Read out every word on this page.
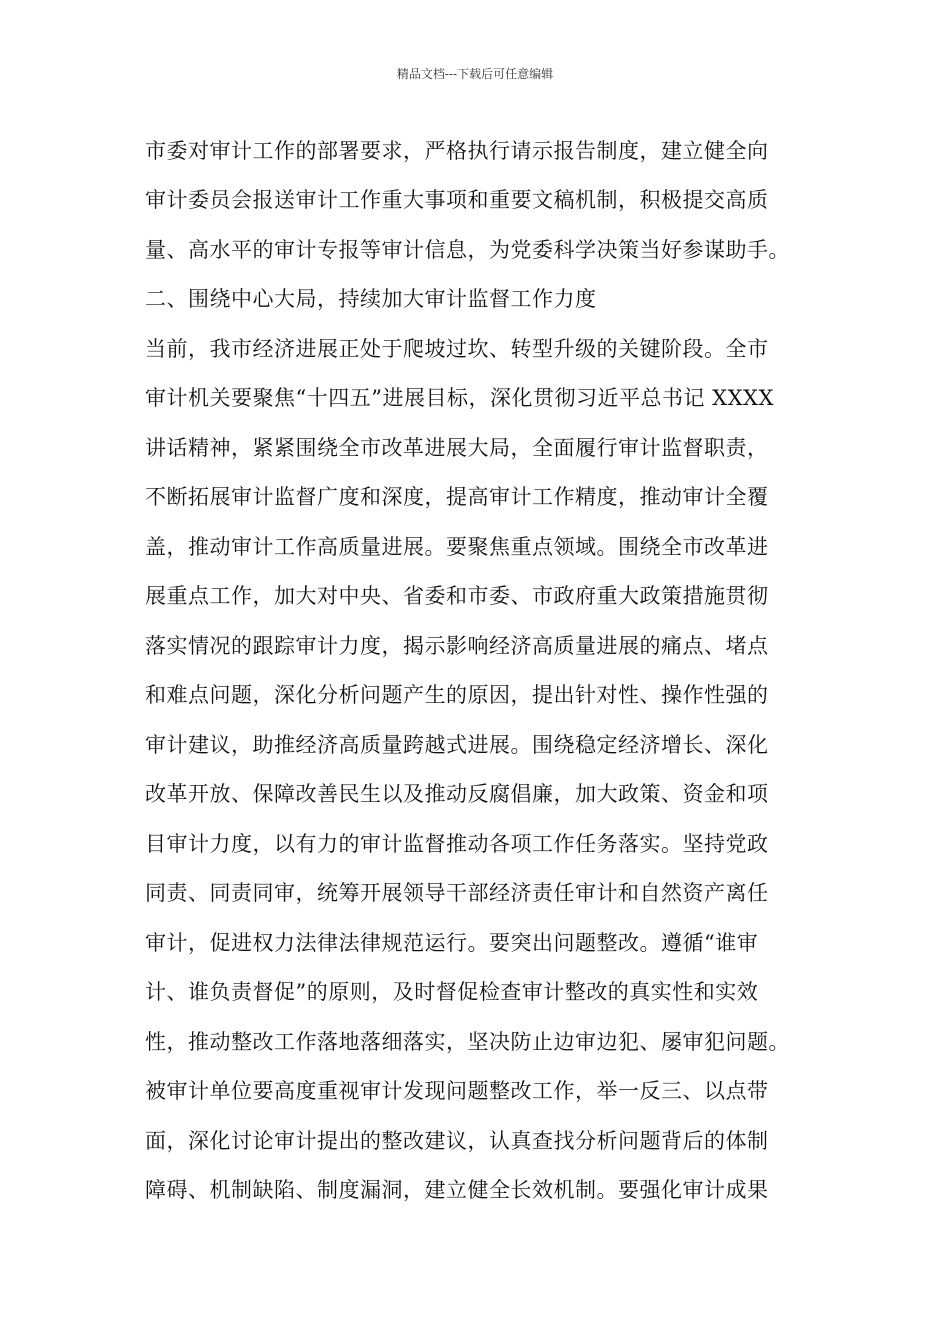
精品文档---下载后可任意编辑
市委对审计工作的部署要求，严格执行请示报告制度，建立健全向
审计委员会报送审计工作重大事项和重要文稿机制，积极提交高质
量、高水平的审计专报等审计信息，为党委科学决策当好参谋助手。
二、围绕中心大局，持续加大审计监督工作力度
当前，我市经济进展正处于爬坡过坎、转型升级的关键阶段。全市
审计机关要聚焦“十四五”进展目标，深化贯彻习近平总书记 XXXX
讲话精神，紧紧围绕全市改革进展大局，全面履行审计监督职责，
不断拓展审计监督广度和深度，提高审计工作精度，推动审计全覆
盖，推动审计工作高质量进展。要聚焦重点领域。围绕全市改革进
展重点工作，加大对中央、省委和市委、市政府重大政策措施贯彻
落实情况的跟踪审计力度，揭示影响经济高质量进展的痛点、堵点
和难点问题，深化分析问题产生的原因，提出针对性、操作性强的
审计建议，助推经济高质量跨越式进展。围绕稳定经济增长、深化
改革开放、保障改善民生以及推动反腐倡廉，加大政策、资金和项
目审计力度，以有力的审计监督推动各项工作任务落实。坚持党政
同责、同责同审，统筹开展领导干部经济责任审计和自然资产离任
审计，促进权力法律法律规范运行。要突出问题整改。遵循“谁审
计、谁负责督促”的原则，及时督促检查审计整改的真实性和实效
性，推动整改工作落地落细落实，坚决防止边审边犯、屡审犯问题。
被审计单位要高度重视审计发现问题整改工作，举一反三、以点带
面，深化讨论审计提出的整改建议，认真查找分析问题背后的体制
障碍、机制缺陷、制度漏洞，建立健全长效机制。要强化审计成果
